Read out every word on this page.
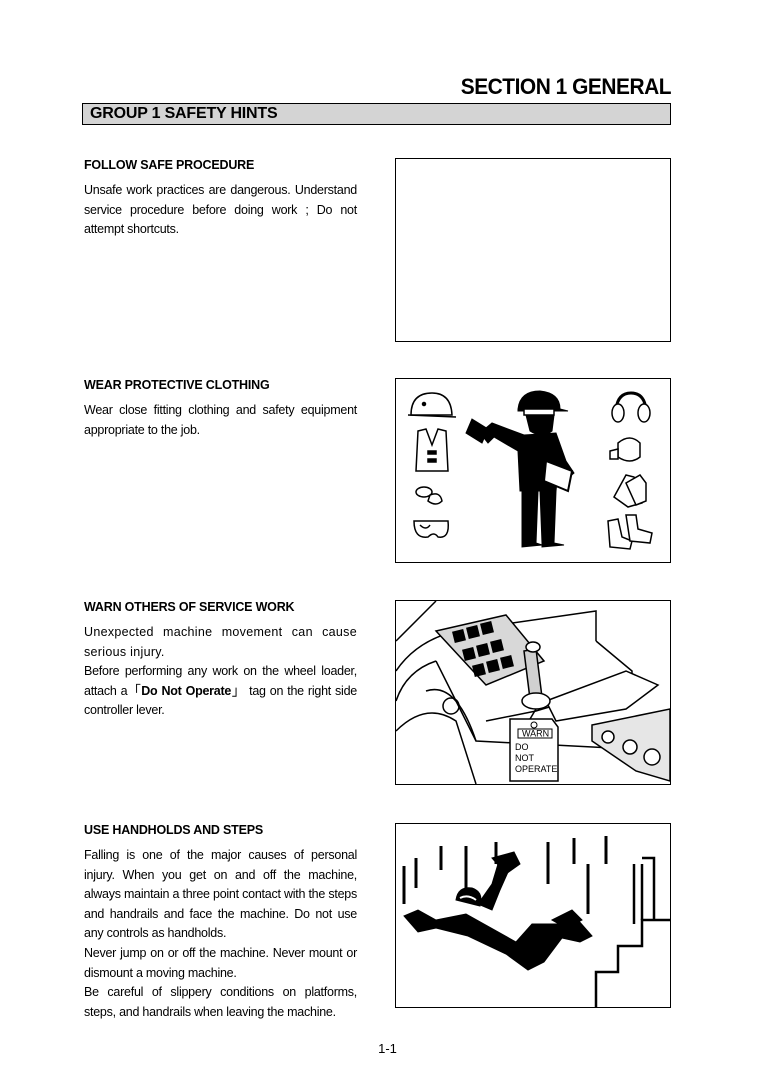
SECTION 1 GENERAL
GROUP 1 SAFETY HINTS

FOLLOW SAFE PROCEDURE

Unsafe work practices are dangerous. Understand service procedure before doing work ; Do not attempt shortcuts.

WEAR PROTECTIVE CLOTHING

Wear close fitting clothing and safety equipment appropriate to the job.

WARN OTHERS OF SERVICE WORK

Unexpected machine movement can cause serious injury.

Before performing any work on the wheel loader, attach a「Do Not Operate」 tag on the right side controller lever.

WARN
DO
NOT
OPERATE

USE HANDHOLDS AND STEPS

Falling is one of the major causes of personal injury. When you get on and off the machine, always maintain a three point contact with the steps and handrails and face the machine. Do not use any controls as handholds.

Never jump on or off the machine. Never mount or dismount a moving machine.

Be careful of slippery conditions on platforms, steps, and handrails when leaving the machine.

1-1
